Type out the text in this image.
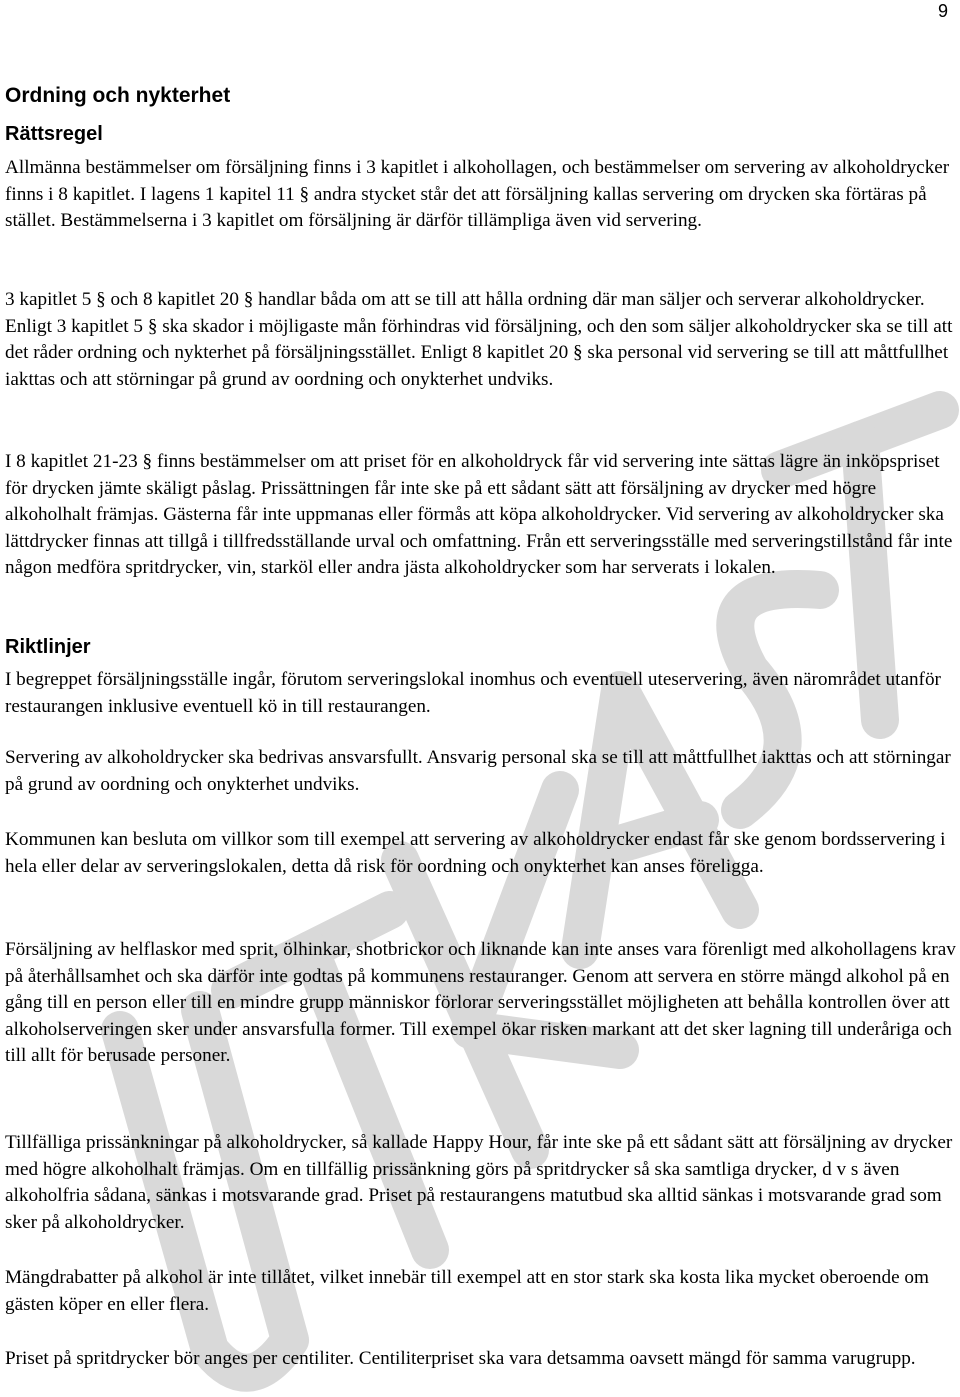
9
Ordning och nykterhet
Rättsregel

Allmänna bestämmelser om försäljning finns i 3 kapitlet i alkohollagen, och bestämmelser om servering av alkoholdrycker finns i 8 kapitlet. I lagens 1 kapitel 11 § andra stycket står det att försäljning kallas servering om drycken ska förtäras på stället. Bestämmelserna i 3 kapitlet om försäljning är därför tillämpliga även vid servering.

3 kapitlet 5 § och 8 kapitlet 20 § handlar båda om att se till att hålla ordning där man säljer och serverar alkoholdrycker. Enligt 3 kapitlet 5 § ska skador i möjligaste mån förhindras vid försäljning, och den som säljer alkoholdrycker ska se till att det råder ordning och nykterhet på försäljningsstället. Enligt 8 kapitlet 20 § ska personal vid servering se till att måttfullhet iakttas och att störningar på grund av oordning och onykterhet undviks.

I 8 kapitlet 21-23 § finns bestämmelser om att priset för en alkoholdryck får vid servering inte sättas lägre än inköpspriset för drycken jämte skäligt påslag. Prissättningen får inte ske på ett sådant sätt att försäljning av drycker med högre alkoholhalt främjas. Gästerna får inte uppmanas eller förmås att köpa alkoholdrycker. Vid servering av alkoholdrycker ska lättdrycker finnas att tillgå i tillfredsställande urval och omfattning. Från ett serveringsställe med serveringstillstånd får inte någon medföra spritdrycker, vin, starköl eller andra jästa alkoholdrycker som har serverats i lokalen.

Riktlinjer

I begreppet försäljningsställe ingår, förutom serveringslokal inomhus och eventuell uteservering, även närområdet utanför restaurangen inklusive eventuell kö in till restaurangen.

Servering av alkoholdrycker ska bedrivas ansvarsfullt. Ansvarig personal ska se till att måttfullhet iakttas och att störningar på grund av oordning och onykterhet undviks.

Kommunen kan besluta om villkor som till exempel att servering av alkoholdrycker endast får ske genom bordsservering i hela eller delar av serveringslokalen, detta då risk för oordning och onykterhet kan anses föreligga.

Försäljning av helflaskor med sprit, ölhinkar, shotbrickor och liknande kan inte anses vara förenligt med alkohollagens krav på återhållsamhet och ska därför inte godtas på kommunens restauranger. Genom att servera en större mängd alkohol på en gång till en person eller till en mindre grupp människor förlorar serveringsstället möjligheten att behålla kontrollen över att alkoholserveringen sker under ansvarsfulla former. Till exempel ökar risken markant att det sker lagning till underåriga och till allt för berusade personer.

Tillfälliga prissänkningar på alkoholdrycker, så kallade Happy Hour, får inte ske på ett sådant sätt att försäljning av drycker med högre alkoholhalt främjas. Om en tillfällig prissänkning görs på spritdrycker så ska samtliga drycker, d v s även alkoholfria sådana, sänkas i motsvarande grad. Priset på restaurangens matutbud ska alltid sänkas i motsvarande grad som sker på alkoholdrycker.

Mängdrabatter på alkohol är inte tillåtet, vilket innebär till exempel att en stor stark ska kosta lika mycket oberoende om gästen köper en eller flera.

Priset på spritdrycker bör anges per centiliter. Centiliterpriset ska vara detsamma oavsett mängd för samma varugrupp.
